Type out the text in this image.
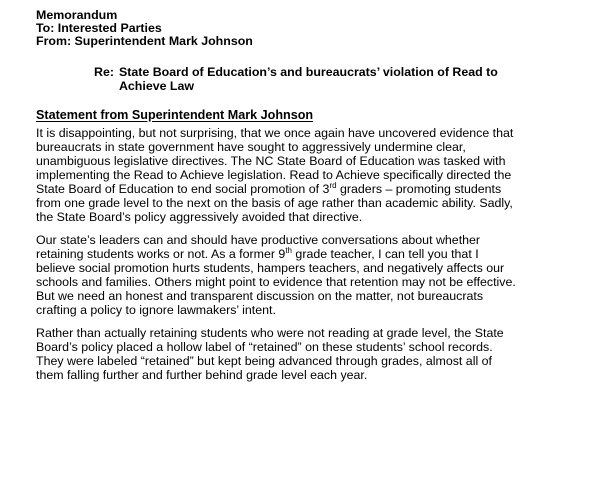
Memorandum

To: Interested Parties

From: Superintendent Mark Johnson

Re: State Board of Education’s and bureaucrats’ violation of Read to
Achieve Law

Statement from Superintendent Mark Johnson

It is disappointing, but not surprising, that we once again have uncovered evidence that
bureaucrats in state government have sought to aggressively undermine clear,
unambiguous legislative directives. The NC State Board of Education was tasked with
implementing the Read to Achieve legislation. Read to Achieve specifically directed the
State Board of Education to end social promotion of 3rd graders – promoting students
from one grade level to the next on the basis of age rather than academic ability. Sadly,
the State Board’s policy aggressively avoided that directive.

Our state’s leaders can and should have productive conversations about whether
retaining students works or not. As a former 9th grade teacher, I can tell you that I
believe social promotion hurts students, hampers teachers, and negatively affects our
schools and families. Others might point to evidence that retention may not be effective.
But we need an honest and transparent discussion on the matter, not bureaucrats
crafting a policy to ignore lawmakers’ intent.

Rather than actually retaining students who were not reading at grade level, the State
Board’s policy placed a hollow label of “retained” on these students’ school records.
They were labeled “retained” but kept being advanced through grades, almost all of
them falling further and further behind grade level each year.
